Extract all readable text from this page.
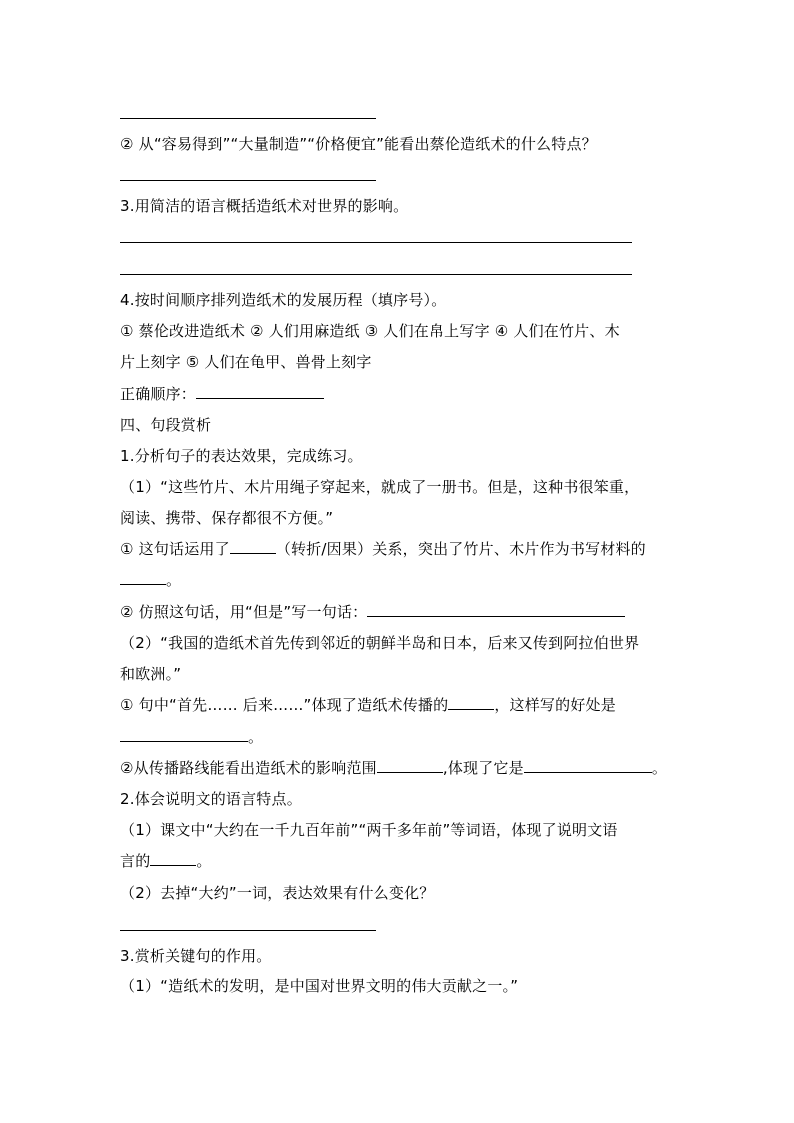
② 从“容易得到”“大量制造”“价格便宜”能看出蔡伦造纸术的什么特点？
3.用简洁的语言概括造纸术对世界的影响。
4.按时间顺序排列造纸术的发展历程（填序号）。
① 蔡伦改进造纸术 ② 人们用麻造纸 ③ 人们在帛上写字 ④ 人们在竹片、木
片上刻字 ⑤ 人们在龟甲、兽骨上刻字
正确顺序：
四、句段赏析
1.分析句子的表达效果，完成练习。
（1）“这些竹片、木片用绳子穿起来，就成了一册书。但是，这种书很笨重，
阅读、携带、保存都很不方便。”
① 这句话运用了	（转折/因果）关系，突出了竹片、木片作为书写材料的
。
② 仿照这句话，用“但是”写一句话：
（2）“我国的造纸术首先传到邻近的朝鲜半岛和日本，后来又传到阿拉伯世界
和欧洲。”
① 句中“首先…… 后来……”体现了造纸术传播的	，这样写的好处是
。
②从传播路线能看出造纸术的影响范围	,体现了它是	。
2.体会说明文的语言特点。
（1）课文中“大约在一千九百年前”“两千多年前”等词语，体现了说明文语
言的	。
（2）去掉“大约”一词，表达效果有什么变化？
3.赏析关键句的作用。
（1）“造纸术的发明，是中国对世界文明的伟大贡献之一。”
